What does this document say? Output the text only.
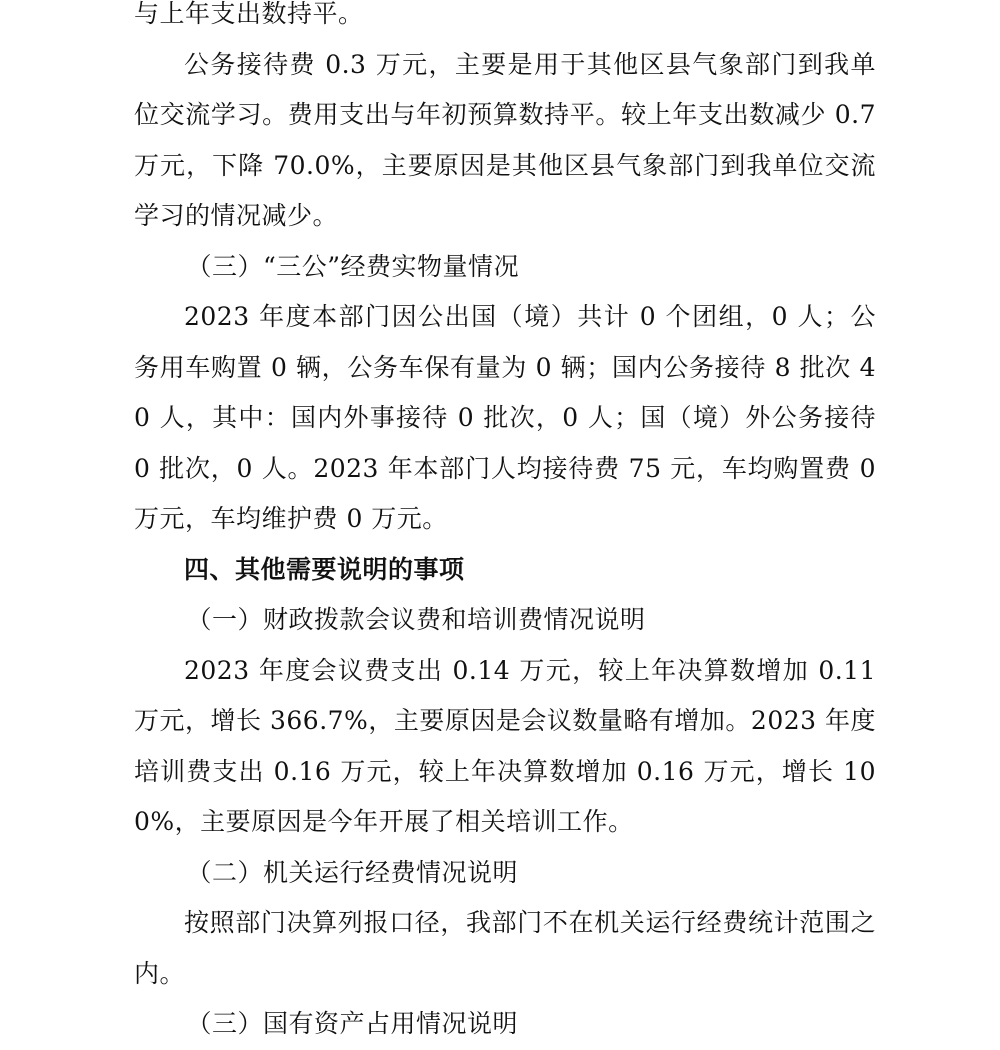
与上年支出数持平。

公务接待费 0.3 万元，主要是用于其他区县气象部门到我单位交流学习。费用支出与年初预算数持平。较上年支出数减少 0.7 万元，下降 70.0%，主要原因是其他区县气象部门到我单位交流学习的情况减少。

（三）“三公”经费实物量情况

2023 年度本部门因公出国（境）共计 0 个团组，0 人；公务用车购置 0 辆，公务车保有量为 0 辆；国内公务接待 8 批次 40 人，其中：国内外事接待 0 批次，0 人；国（境）外公务接待 0 批次，0 人。2023 年本部门人均接待费 75 元，车均购置费 0 万元，车均维护费 0 万元。

四、其他需要说明的事项

（一）财政拨款会议费和培训费情况说明

2023 年度会议费支出 0.14 万元，较上年决算数增加 0.11 万元，增长 366.7%，主要原因是会议数量略有增加。2023 年度培训费支出 0.16 万元，较上年决算数增加 0.16 万元，增长 100%，主要原因是今年开展了相关培训工作。

（二）机关运行经费情况说明

按照部门决算列报口径，我部门不在机关运行经费统计范围之内。

（三）国有资产占用情况说明
